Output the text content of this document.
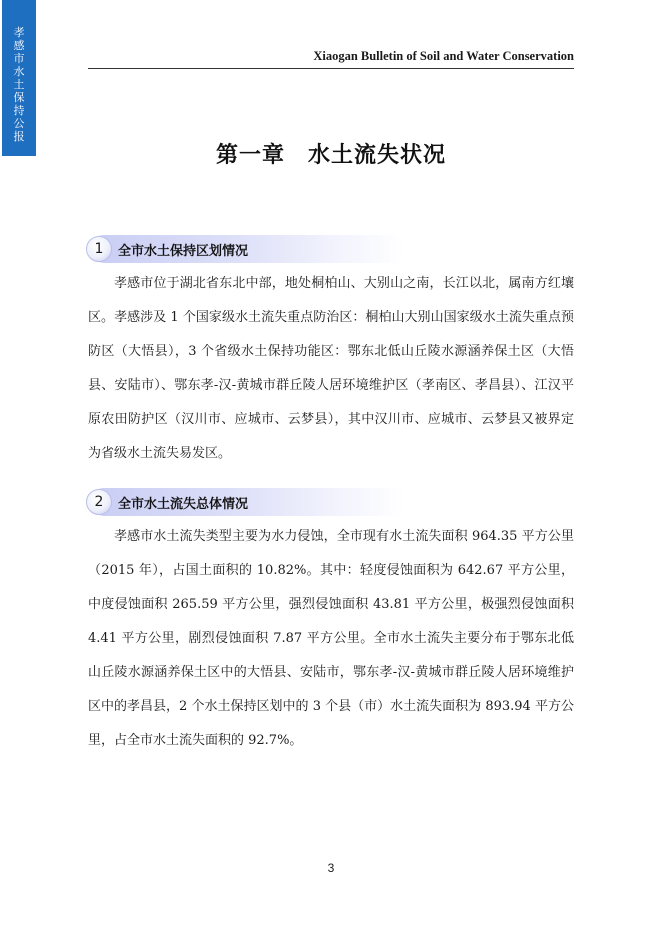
孝感市水土保持公报
Xiaogan Bulletin of Soil and Water Conservation
第一章　水土流失状况
1	全市水土保持区划情况

孝感市位于湖北省东北中部，地处桐柏山、大别山之南，长江以北，属南方红壤区。孝感涉及 1 个国家级水土流失重点防治区：桐柏山大别山国家级水土流失重点预防区（大悟县），3 个省级水土保持功能区：鄂东北低山丘陵水源涵养保土区（大悟县、安陆市）、鄂东孝-汉-黄城市群丘陵人居环境维护区（孝南区、孝昌县）、江汉平原农田防护区（汉川市、应城市、云梦县），其中汉川市、应城市、云梦县又被界定为省级水土流失易发区。

2	全市水土流失总体情况

孝感市水土流失类型主要为水力侵蚀，全市现有水土流失面积 964.35 平方公里（2015 年），占国土面积的 10.82%。其中：轻度侵蚀面积为 642.67 平方公里，中度侵蚀面积 265.59 平方公里，强烈侵蚀面积 43.81 平方公里，极强烈侵蚀面积 4.41 平方公里，剧烈侵蚀面积 7.87 平方公里。全市水土流失主要分布于鄂东北低山丘陵水源涵养保土区中的大悟县、安陆市，鄂东孝-汉-黄城市群丘陵人居环境维护区中的孝昌县，2 个水土保持区划中的 3 个县（市）水土流失面积为 893.94 平方公里，占全市水土流失面积的 92.7%。

3
